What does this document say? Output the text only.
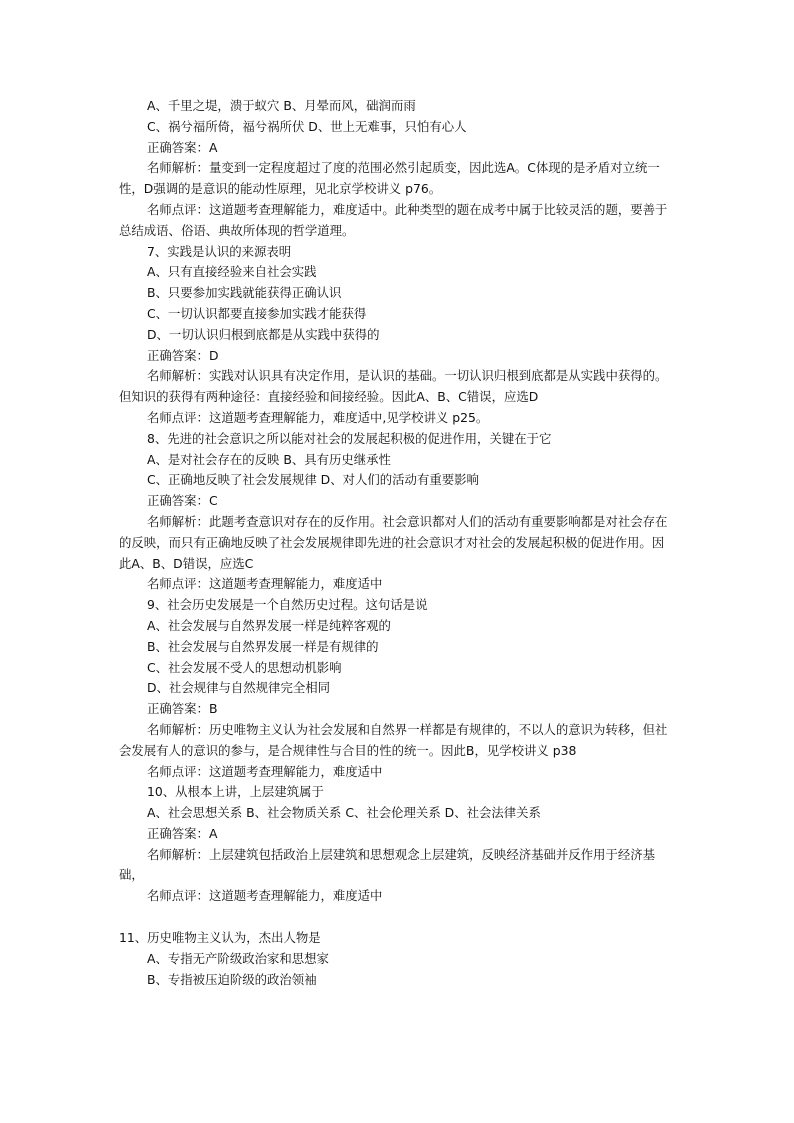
A、千里之堤，溃于蚁穴 B、月晕而风，础润而雨

C、祸兮福所倚，福兮祸所伏 D、世上无难事，只怕有心人

正确答案：A

名师解析：量变到一定程度超过了度的范围必然引起质变，因此选A。C体现的是矛盾对立统一性，D强调的是意识的能动性原理，见北京学校讲义 p76。

名师点评：这道题考查理解能力，难度适中。此种类型的题在成考中属于比较灵活的题，要善于总结成语、俗语、典故所体现的哲学道理。

7、实践是认识的来源表明

A、只有直接经验来自社会实践

B、只要参加实践就能获得正确认识

C、一切认识都要直接参加实践才能获得

D、一切认识归根到底都是从实践中获得的

正确答案：D

名师解析：实践对认识具有决定作用，是认识的基础。一切认识归根到底都是从实践中获得的。但知识的获得有两种途径：直接经验和间接经验。因此A、B、C错误，应选D

名师点评：这道题考查理解能力，难度适中,见学校讲义 p25。

8、先进的社会意识之所以能对社会的发展起积极的促进作用，关键在于它

A、是对社会存在的反映 B、具有历史继承性

C、正确地反映了社会发展规律 D、对人们的活动有重要影响

正确答案：C

名师解析：此题考查意识对存在的反作用。社会意识都对人们的活动有重要影响都是对社会存在的反映，而只有正确地反映了社会发展规律即先进的社会意识才对社会的发展起积极的促进作用。因此A、B、D错误，应选C

名师点评：这道题考查理解能力，难度适中

9、社会历史发展是一个自然历史过程。这句话是说

A、社会发展与自然界发展一样是纯粹客观的

B、社会发展与自然界发展一样是有规律的

C、社会发展不受人的思想动机影响

D、社会规律与自然规律完全相同

正确答案：B

名师解析：历史唯物主义认为社会发展和自然界一样都是有规律的，不以人的意识为转移，但社会发展有人的意识的参与，是合规律性与合目的性的统一。因此B，见学校讲义 p38

名师点评：这道题考查理解能力，难度适中

10、从根本上讲，上层建筑属于

A、社会思想关系 B、社会物质关系 C、社会伦理关系 D、社会法律关系

正确答案：A

名师解析：上层建筑包括政治上层建筑和思想观念上层建筑，反映经济基础并反作用于经济基础，

名师点评：这道题考查理解能力，难度适中

11、历史唯物主义认为，杰出人物是

A、专指无产阶级政治家和思想家

B、专指被压迫阶级的政治领袖
